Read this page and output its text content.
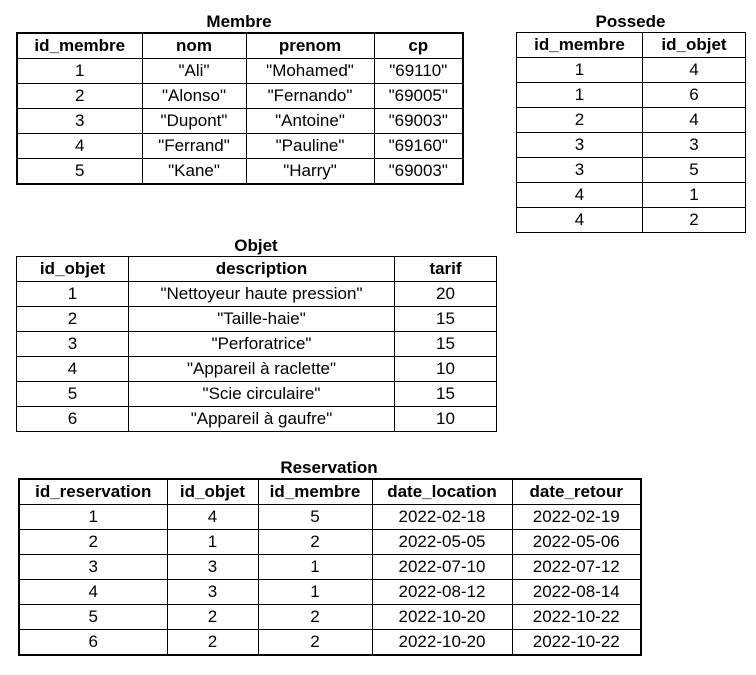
Membre
id_membre	nom	prenom	cp
1	"Ali"	"Mohamed"	"69110"
2	"Alonso"	"Fernando"	"69005"
3	"Dupont"	"Antoine"	"69003"
4	"Ferrand"	"Pauline"	"69160"
5	"Kane"	"Harry"	"69003"
Possede
id_membre	id_objet
1	4
1	6
2	4
3	3
3	5
4	1
4	2
Objet
id_objet	description	tarif
1	"Nettoyeur haute pression"	20
2	"Taille-haie"	15
3	"Perforatrice"	15
4	"Appareil à raclette"	10
5	"Scie circulaire"	15
6	"Appareil à gaufre"	10
Reservation
id_reservation	id_objet	id_membre	date_location	date_retour
1	4	5	2022-02-18	2022-02-19
2	1	2	2022-05-05	2022-05-06
3	3	1	2022-07-10	2022-07-12
4	3	1	2022-08-12	2022-08-14
5	2	2	2022-10-20	2022-10-22
6	2	2	2022-10-20	2022-10-22
